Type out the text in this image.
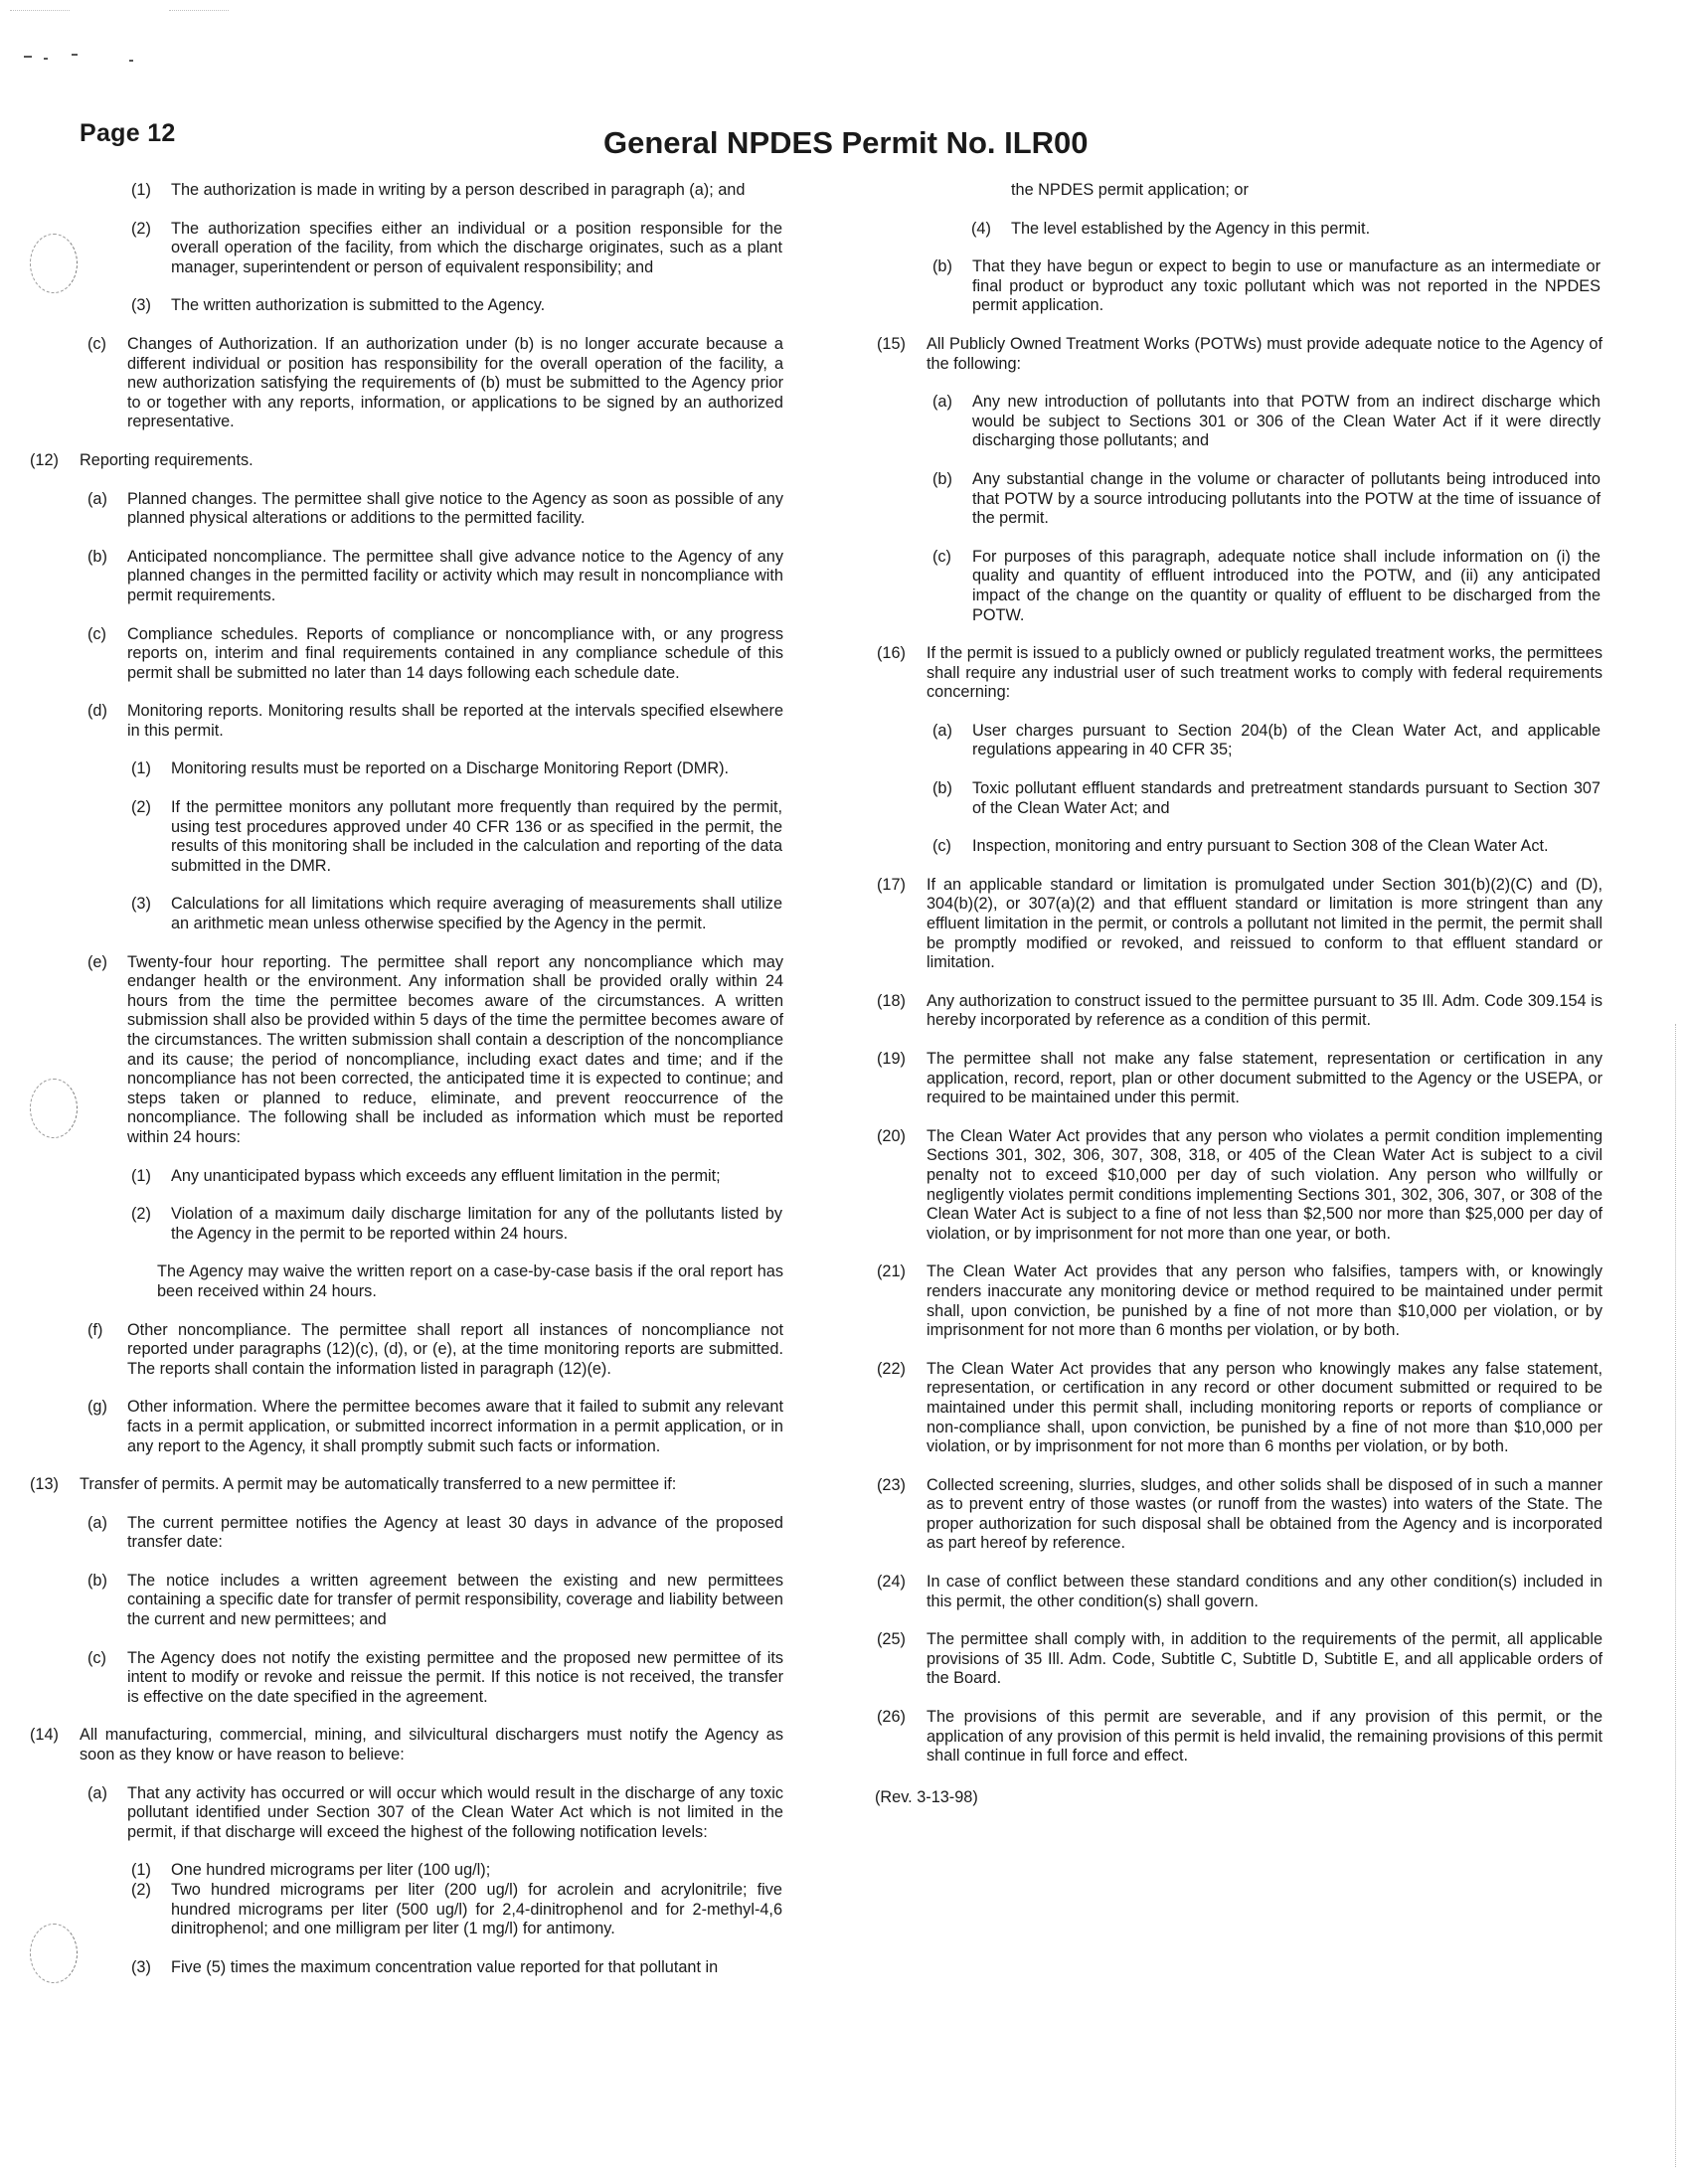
Page 12	General NPDES Permit No. ILR00
(1) The authorization is made in writing by a person described in paragraph (a); and
(2) The authorization specifies either an individual or a position responsible for the overall operation of the facility, from which the discharge originates, such as a plant manager, superintendent or person of equivalent responsibility; and
(3) The written authorization is submitted to the Agency.
(c) Changes of Authorization. If an authorization under (b) is no longer accurate because a different individual or position has responsibility for the overall operation of the facility, a new authorization satisfying the requirements of (b) must be submitted to the Agency prior to or together with any reports, information, or applications to be signed by an authorized representative.
(12) Reporting requirements.
(a) Planned changes. The permittee shall give notice to the Agency as soon as possible of any planned physical alterations or additions to the permitted facility.
(b) Anticipated noncompliance. The permittee shall give advance notice to the Agency of any planned changes in the permitted facility or activity which may result in noncompliance with permit requirements.
(c) Compliance schedules. Reports of compliance or noncompliance with, or any progress reports on, interim and final requirements contained in any compliance schedule of this permit shall be submitted no later than 14 days following each schedule date.
(d) Monitoring reports. Monitoring results shall be reported at the intervals specified elsewhere in this permit.
(1) Monitoring results must be reported on a Discharge Monitoring Report (DMR).
(2) If the permittee monitors any pollutant more frequently than required by the permit, using test procedures approved under 40 CFR 136 or as specified in the permit, the results of this monitoring shall be included in the calculation and reporting of the data submitted in the DMR.
(3) Calculations for all limitations which require averaging of measurements shall utilize an arithmetic mean unless otherwise specified by the Agency in the permit.
(e) Twenty-four hour reporting. The permittee shall report any noncompliance which may endanger health or the environment. Any information shall be provided orally within 24 hours from the time the permittee becomes aware of the circumstances. A written submission shall also be provided within 5 days of the time the permittee becomes aware of the circumstances. The written submission shall contain a description of the noncompliance and its cause; the period of noncompliance, including exact dates and time; and if the noncompliance has not been corrected, the anticipated time it is expected to continue; and steps taken or planned to reduce, eliminate, and prevent reoccurrence of the noncompliance. The following shall be included as information which must be reported within 24 hours:
(1) Any unanticipated bypass which exceeds any effluent limitation in the permit;
(2) Violation of a maximum daily discharge limitation for any of the pollutants listed by the Agency in the permit to be reported within 24 hours.
The Agency may waive the written report on a case-by-case basis if the oral report has been received within 24 hours.
(f) Other noncompliance. The permittee shall report all instances of noncompliance not reported under paragraphs (12)(c), (d), or (e), at the time monitoring reports are submitted. The reports shall contain the information listed in paragraph (12)(e).
(g) Other information. Where the permittee becomes aware that it failed to submit any relevant facts in a permit application, or submitted incorrect information in a permit application, or in any report to the Agency, it shall promptly submit such facts or information.
(13) Transfer of permits. A permit may be automatically transferred to a new permittee if:
(a) The current permittee notifies the Agency at least 30 days in advance of the proposed transfer date:
(b) The notice includes a written agreement between the existing and new permittees containing a specific date for transfer of permit responsibility, coverage and liability between the current and new permittees; and
(c) The Agency does not notify the existing permittee and the proposed new permittee of its intent to modify or revoke and reissue the permit. If this notice is not received, the transfer is effective on the date specified in the agreement.
(14) All manufacturing, commercial, mining, and silvicultural dischargers must notify the Agency as soon as they know or have reason to believe:
(a) That any activity has occurred or will occur which would result in the discharge of any toxic pollutant identified under Section 307 of the Clean Water Act which is not limited in the permit, if that discharge will exceed the highest of the following notification levels:
(1) One hundred micrograms per liter (100 ug/l);
(2) Two hundred micrograms per liter (200 ug/l) for acrolein and acrylonitrile; five hundred micrograms per liter (500 ug/l) for 2,4-dinitrophenol and for 2-methyl-4,6 dinitrophenol; and one milligram per liter (1 mg/l) for antimony.
(3) Five (5) times the maximum concentration value reported for that pollutant in
the NPDES permit application; or
(4) The level established by the Agency in this permit.
(b) That they have begun or expect to begin to use or manufacture as an intermediate or final product or byproduct any toxic pollutant which was not reported in the NPDES permit application.
(15) All Publicly Owned Treatment Works (POTWs) must provide adequate notice to the Agency of the following:
(a) Any new introduction of pollutants into that POTW from an indirect discharge which would be subject to Sections 301 or 306 of the Clean Water Act if it were directly discharging those pollutants; and
(b) Any substantial change in the volume or character of pollutants being introduced into that POTW by a source introducing pollutants into the POTW at the time of issuance of the permit.
(c) For purposes of this paragraph, adequate notice shall include information on (i) the quality and quantity of effluent introduced into the POTW, and (ii) any anticipated impact of the change on the quantity or quality of effluent to be discharged from the POTW.
(16) If the permit is issued to a publicly owned or publicly regulated treatment works, the permittees shall require any industrial user of such treatment works to comply with federal requirements concerning:
(a) User charges pursuant to Section 204(b) of the Clean Water Act, and applicable regulations appearing in 40 CFR 35;
(b) Toxic pollutant effluent standards and pretreatment standards pursuant to Section 307 of the Clean Water Act; and
(c) Inspection, monitoring and entry pursuant to Section 308 of the Clean Water Act.
(17) If an applicable standard or limitation is promulgated under Section 301(b)(2)(C) and (D), 304(b)(2), or 307(a)(2) and that effluent standard or limitation is more stringent than any effluent limitation in the permit, or controls a pollutant not limited in the permit, the permit shall be promptly modified or revoked, and reissued to conform to that effluent standard or limitation.
(18) Any authorization to construct issued to the permittee pursuant to 35 Ill. Adm. Code 309.154 is hereby incorporated by reference as a condition of this permit.
(19) The permittee shall not make any false statement, representation or certification in any application, record, report, plan or other document submitted to the Agency or the USEPA, or required to be maintained under this permit.
(20) The Clean Water Act provides that any person who violates a permit condition implementing Sections 301, 302, 306, 307, 308, 318, or 405 of the Clean Water Act is subject to a civil penalty not to exceed $10,000 per day of such violation. Any person who willfully or negligently violates permit conditions implementing Sections 301, 302, 306, 307, or 308 of the Clean Water Act is subject to a fine of not less than $2,500 nor more than $25,000 per day of violation, or by imprisonment for not more than one year, or both.
(21) The Clean Water Act provides that any person who falsifies, tampers with, or knowingly renders inaccurate any monitoring device or method required to be maintained under permit shall, upon conviction, be punished by a fine of not more than $10,000 per violation, or by imprisonment for not more than 6 months per violation, or by both.
(22) The Clean Water Act provides that any person who knowingly makes any false statement, representation, or certification in any record or other document submitted or required to be maintained under this permit shall, including monitoring reports or reports of compliance or non-compliance shall, upon conviction, be punished by a fine of not more than $10,000 per violation, or by imprisonment for not more than 6 months per violation, or by both.
(23) Collected screening, slurries, sludges, and other solids shall be disposed of in such a manner as to prevent entry of those wastes (or runoff from the wastes) into waters of the State. The proper authorization for such disposal shall be obtained from the Agency and is incorporated as part hereof by reference.
(24) In case of conflict between these standard conditions and any other condition(s) included in this permit, the other condition(s) shall govern.
(25) The permittee shall comply with, in addition to the requirements of the permit, all applicable provisions of 35 Ill. Adm. Code, Subtitle C, Subtitle D, Subtitle E, and all applicable orders of the Board.
(26) The provisions of this permit are severable, and if any provision of this permit, or the application of any provision of this permit is held invalid, the remaining provisions of this permit shall continue in full force and effect.
(Rev. 3-13-98)
